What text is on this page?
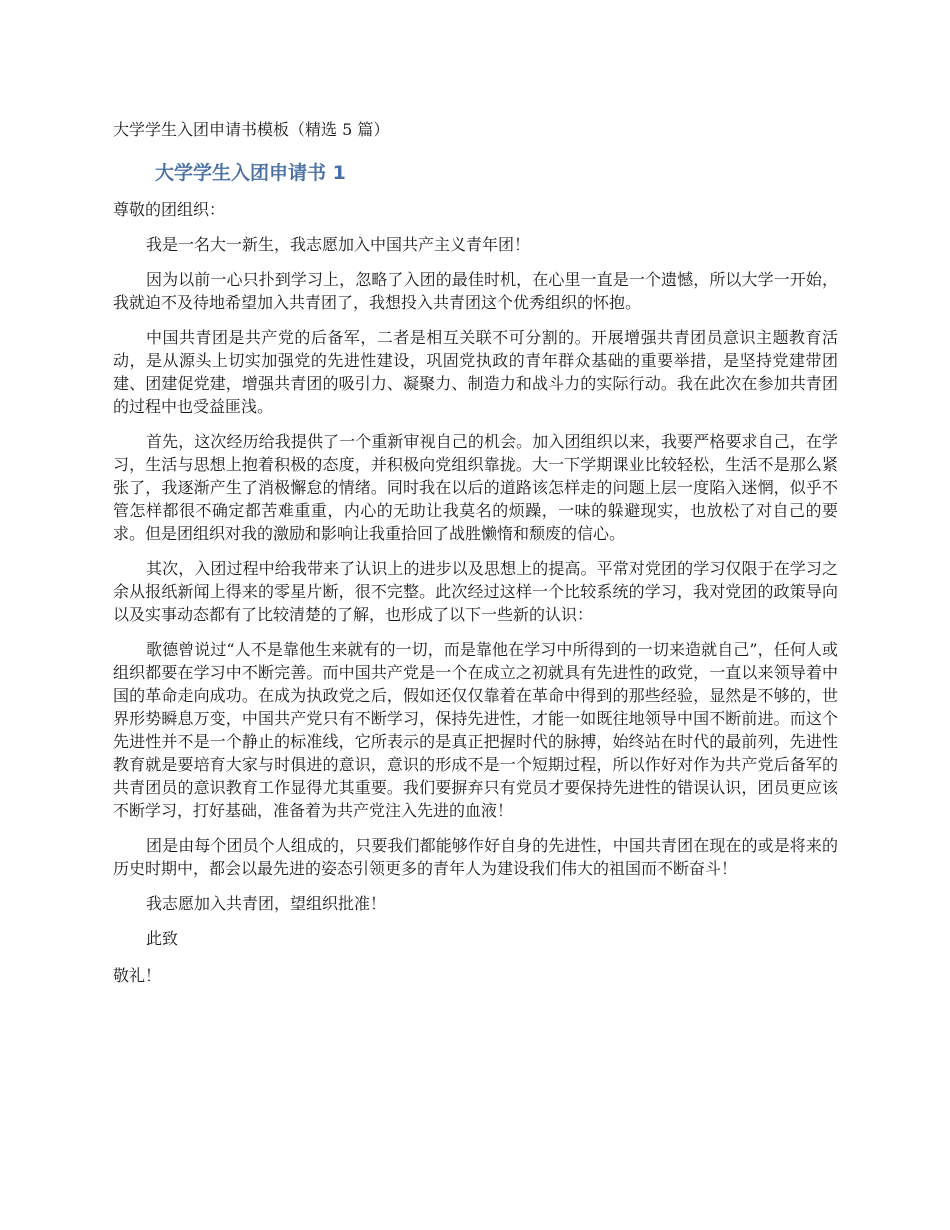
大学学生入团申请书模板（精选 5 篇）
大学学生入团申请书 1
尊敬的团组织：

我是一名大一新生，我志愿加入中国共产主义青年团！

因为以前一心只扑到学习上，忽略了入团的最佳时机，在心里一直是一个遗憾，所以大学一开始，我就迫不及待地希望加入共青团了，我想投入共青团这个优秀组织的怀抱。

中国共青团是共产党的后备军，二者是相互关联不可分割的。开展增强共青团员意识主题教育活动，是从源头上切实加强党的先进性建设，巩固党执政的青年群众基础的重要举措，是坚持党建带团建、团建促党建，增强共青团的吸引力、凝聚力、制造力和战斗力的实际行动。我在此次在参加共青团的过程中也受益匪浅。

首先，这次经历给我提供了一个重新审视自己的机会。加入团组织以来，我要严格要求自己，在学习，生活与思想上抱着积极的态度，并积极向党组织靠拢。大一下学期课业比较轻松，生活不是那么紧张了，我逐渐产生了消极懈怠的情绪。同时我在以后的道路该怎样走的问题上层一度陷入迷惘，似乎不管怎样都很不确定都苦难重重，内心的无助让我莫名的烦躁，一味的躲避现实，也放松了对自己的要求。但是团组织对我的激励和影响让我重拾回了战胜懒惰和颓废的信心。

其次，入团过程中给我带来了认识上的进步以及思想上的提高。平常对党团的学习仅限于在学习之余从报纸新闻上得来的零星片断，很不完整。此次经过这样一个比较系统的学习，我对党团的政策导向以及实事动态都有了比较清楚的了解，也形成了以下一些新的认识：

歌德曾说过“人不是靠他生来就有的一切，而是靠他在学习中所得到的一切来造就自己”，任何人或组织都要在学习中不断完善。而中国共产党是一个在成立之初就具有先进性的政党，一直以来领导着中国的革命走向成功。在成为执政党之后，假如还仅仅靠着在革命中得到的那些经验，显然是不够的，世界形势瞬息万变，中国共产党只有不断学习，保持先进性，才能一如既往地领导中国不断前进。而这个先进性并不是一个静止的标准线，它所表示的是真正把握时代的脉搏，始终站在时代的最前列，先进性教育就是要培育大家与时俱进的意识，意识的形成不是一个短期过程，所以作好对作为共产党后备军的共青团员的意识教育工作显得尤其重要。我们要摒弃只有党员才要保持先进性的错误认识，团员更应该不断学习，打好基础，准备着为共产党注入先进的血液！

团是由每个团员个人组成的，只要我们都能够作好自身的先进性，中国共青团在现在的或是将来的历史时期中，都会以最先进的姿态引领更多的青年人为建设我们伟大的祖国而不断奋斗！

我志愿加入共青团，望组织批准！

此致
敬礼！
